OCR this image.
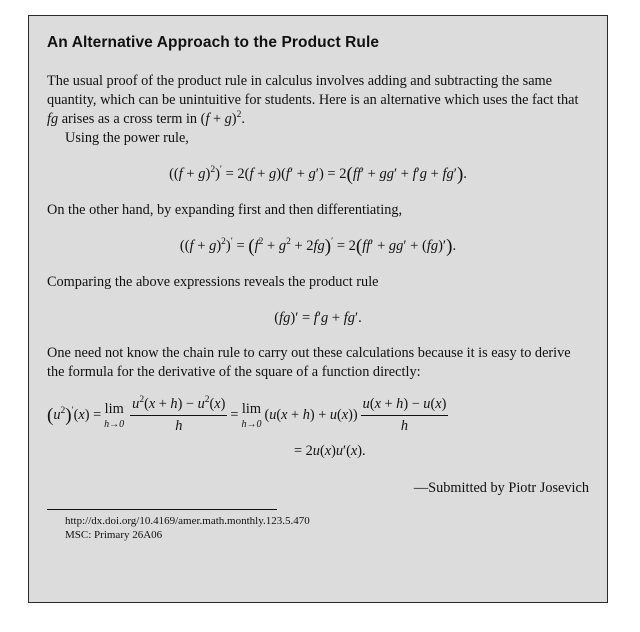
An Alternative Approach to the Product Rule

The usual proof of the product rule in calculus involves adding and subtracting the same quantity, which can be unintuitive for students. Here is an alternative which uses the fact that fg arises as a cross term in $(f + g)^2$.

Using the power rule,

$((f + g)^2)' = 2(f + g)(f' + g') = 2(ff' + gg' + f'g + fg')$.

On the other hand, by expanding first and then differentiating,

$((f + g)^2)' = (f^2 + g^2 + 2fg)' = 2(ff' + gg' + (fg)')$.

Comparing the above expressions reveals the product rule

(fg)′ = f′g + fg′.

One need not know the chain rule to carry out these calculations because it is easy to derive the formula for the derivative of the square of a function directly:

$(u^2)'(x) = \lim$
$h\to 0 \frac{u^2(x + h) - u^2(x)}{h} = \lim$
h→0
$(u(x + h) + u(x)) \frac{u(x + h) - u(x)}{h}$
= 2u(x)u′(x).
—Submitted by Piotr Josevich
http://dx.doi.org/10.4169/amer.math.monthly.123.5.470
MSC: Primary 26A06
